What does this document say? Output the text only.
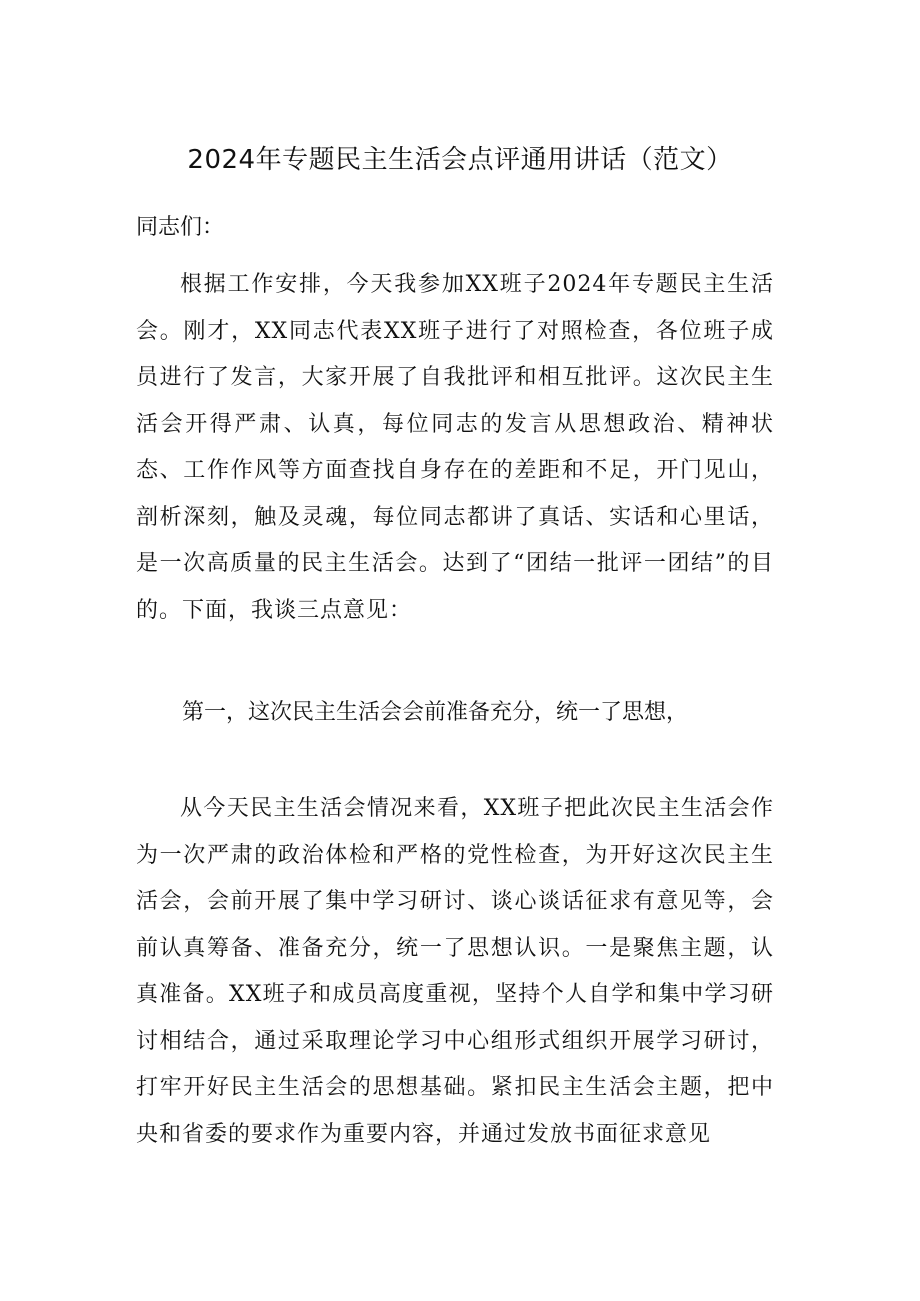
2024年专题民主生活会点评通用讲话（范文）

同志们：

根据工作安排，今天我参加XX班子2024年专题民主生活会。刚才，XX同志代表XX班子进行了对照检查，各位班子成员进行了发言，大家开展了自我批评和相互批评。这次民主生活会开得严肃、认真，每位同志的发言从思想政治、精神状态、工作作风等方面查找自身存在的差距和不足，开门见山，剖析深刻，触及灵魂，每位同志都讲了真话、实话和心里话，是一次高质量的民主生活会。达到了“团结一批评一团结”的目的。下面，我谈三点意见：

第一，这次民主生活会会前准备充分，统一了思想，

从今天民主生活会情况来看，XX班子把此次民主生活会作为一次严肃的政治体检和严格的党性检查，为开好这次民主生活会，会前开展了集中学习研讨、谈心谈话征求有意见等，会前认真筹备、准备充分，统一了思想认识。一是聚焦主题，认真准备。XX班子和成员高度重视，坚持个人自学和集中学习研讨相结合，通过采取理论学习中心组形式组织开展学习研讨，打牢开好民主生活会的思想基础。紧扣民主生活会主题，把中央和省委的要求作为重要内容，并通过发放书面征求意见
